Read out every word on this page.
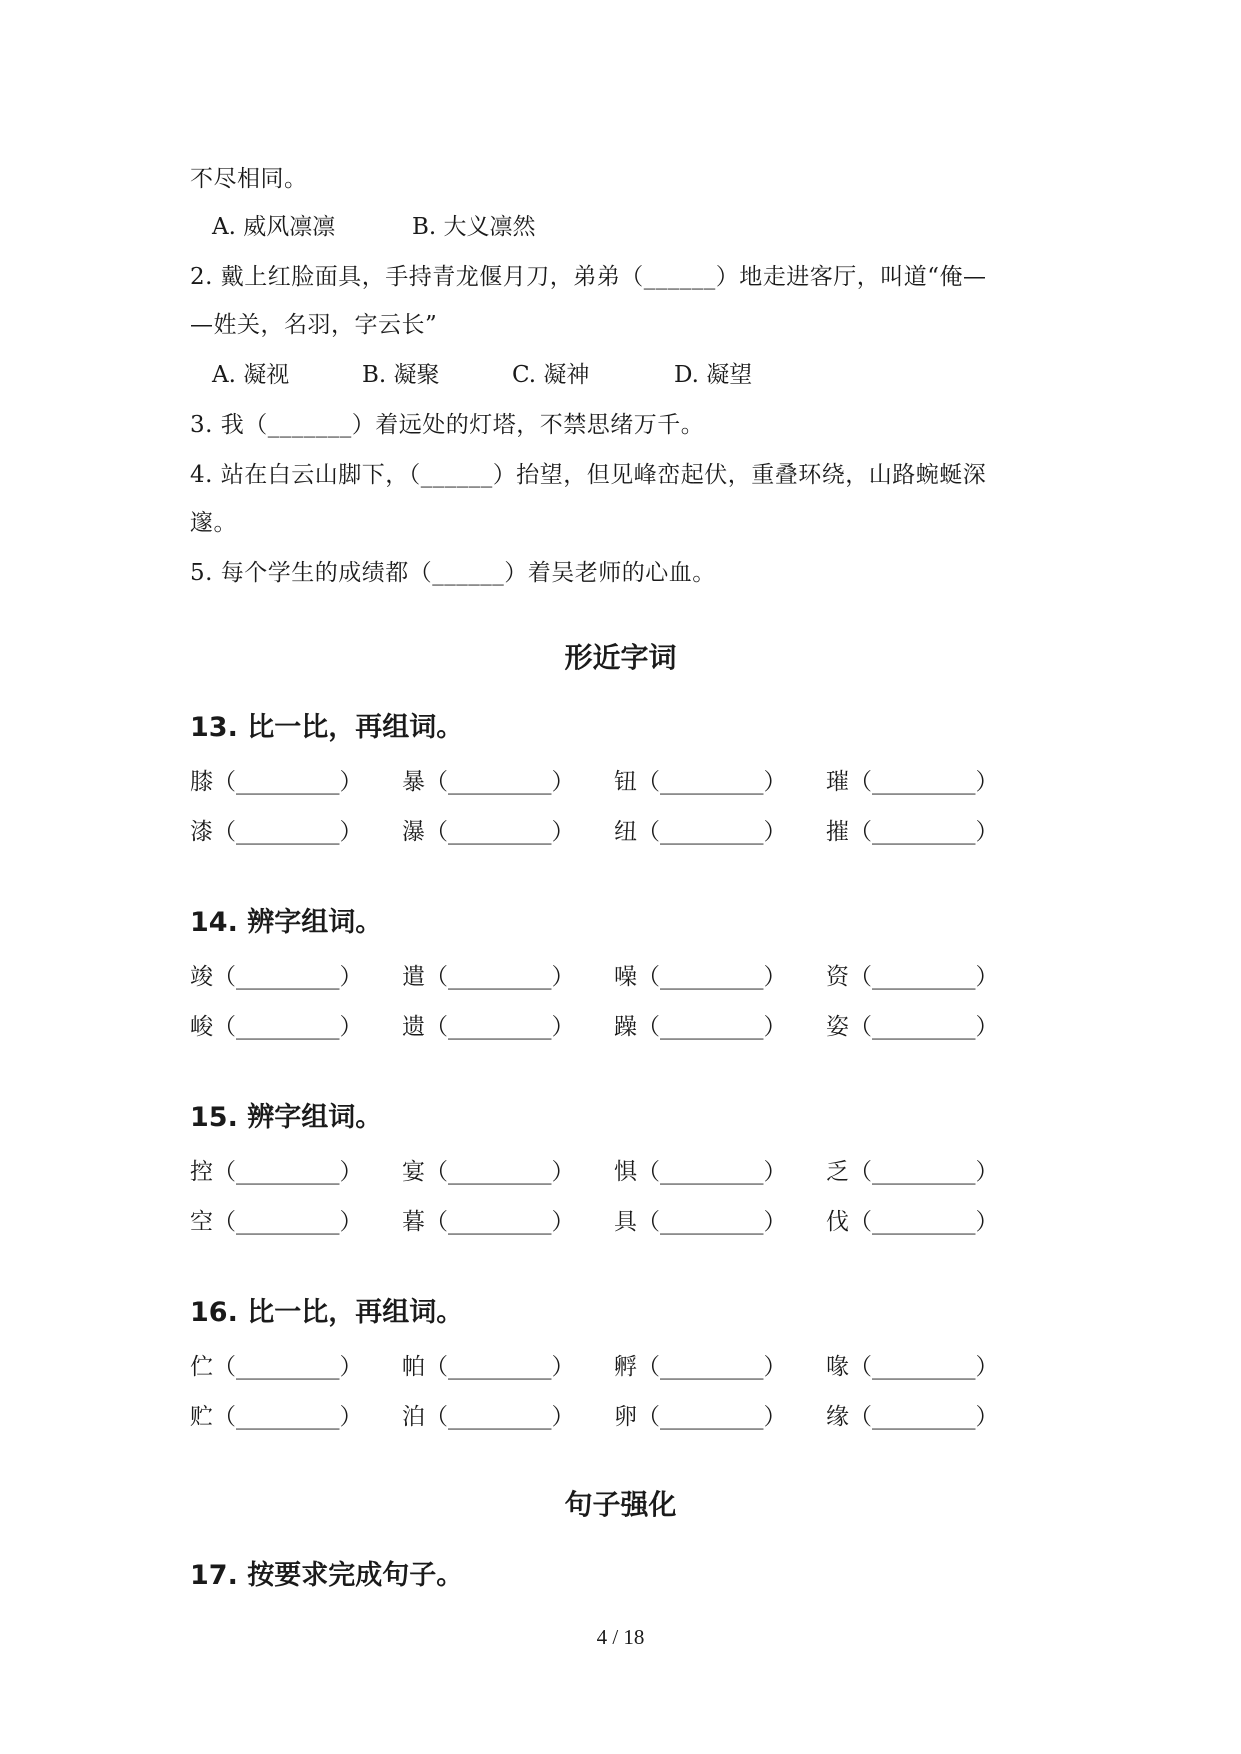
不尽相同。
A. 威风凛凛	B. 大义凛然
2. 戴上红脸面具，手持青龙偃月刀，弟弟（______）地走进客厅，叫道“俺—
—姓关，名羽，字云长”
A. 凝视	B. 凝聚	C. 凝神	D. 凝望
3. 我（_______）着远处的灯塔，不禁思绪万千。
4. 站在白云山脚下，（______）抬望，但见峰峦起伏，重叠环绕，山路蜿蜒深
邃。
5. 每个学生的成绩都（______）着吴老师的心血。
形近字词
13. 比一比，再组词。
膝（_________） 暴（_________） 钮（_________） 璀（_________）
漆（_________） 瀑（_________） 纽（_________） 摧（_________）
14. 辨字组词。
竣（_________） 遣（_________） 噪（_________） 资（_________）
峻（_________） 遗（_________） 躁（_________） 姿（_________）
15. 辨字组词。
控（_________） 宴（_________） 惧（_________） 乏（_________）
空（_________） 暮（_________） 具（_________） 伐（_________）
16. 比一比，再组词。
伫（_________） 帕（_________） 孵（_________） 喙（_________）
贮（_________） 泊（_________） 卵（_________） 缘（_________）
句子强化
17. 按要求完成句子。
4 / 18
